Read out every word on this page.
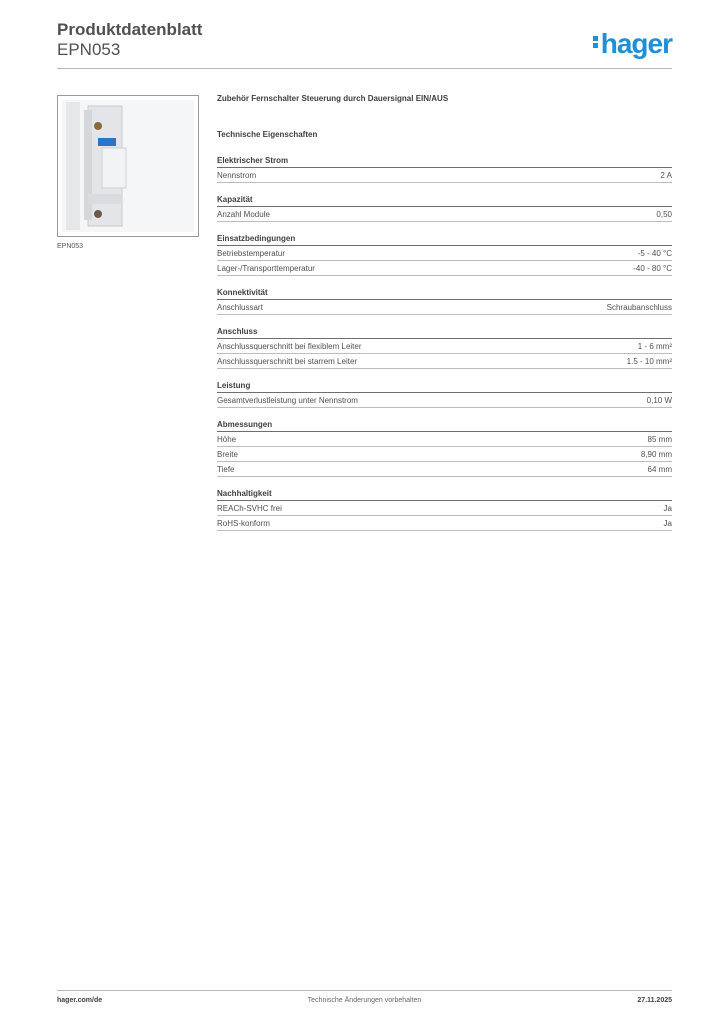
Produktdatenblatt
EPN053	hager
EPN053
Zubehör Fernschalter Steuerung durch Dauersignal EIN/AUS
Technische Eigenschaften
Elektrischer Strom
Nennstrom	2 A
Kapazität
Anzahl Module	0,50
Einsatzbedingungen
Betriebstemperatur	-5 - 40 °C
Lager-/Transporttemperatur	-40 - 80 °C
Konnektivität
Anschlussart	Schraubanschluss
Anschluss
Anschlussquerschnitt bei flexiblem Leiter	1 - 6 mm²
Anschlussquerschnitt bei starrem Leiter	1.5 - 10 mm²
Leistung
Gesamtverlustleistung unter Nennstrom	0,10 W
Abmessungen
Höhe	85 mm
Breite	8,90 mm
Tiefe	64 mm
Nachhaltigkeit
REACh-SVHC frei	Ja
RoHS-konform	Ja
hager.com/de	Technische Änderungen vorbehalten	27.11.2025
